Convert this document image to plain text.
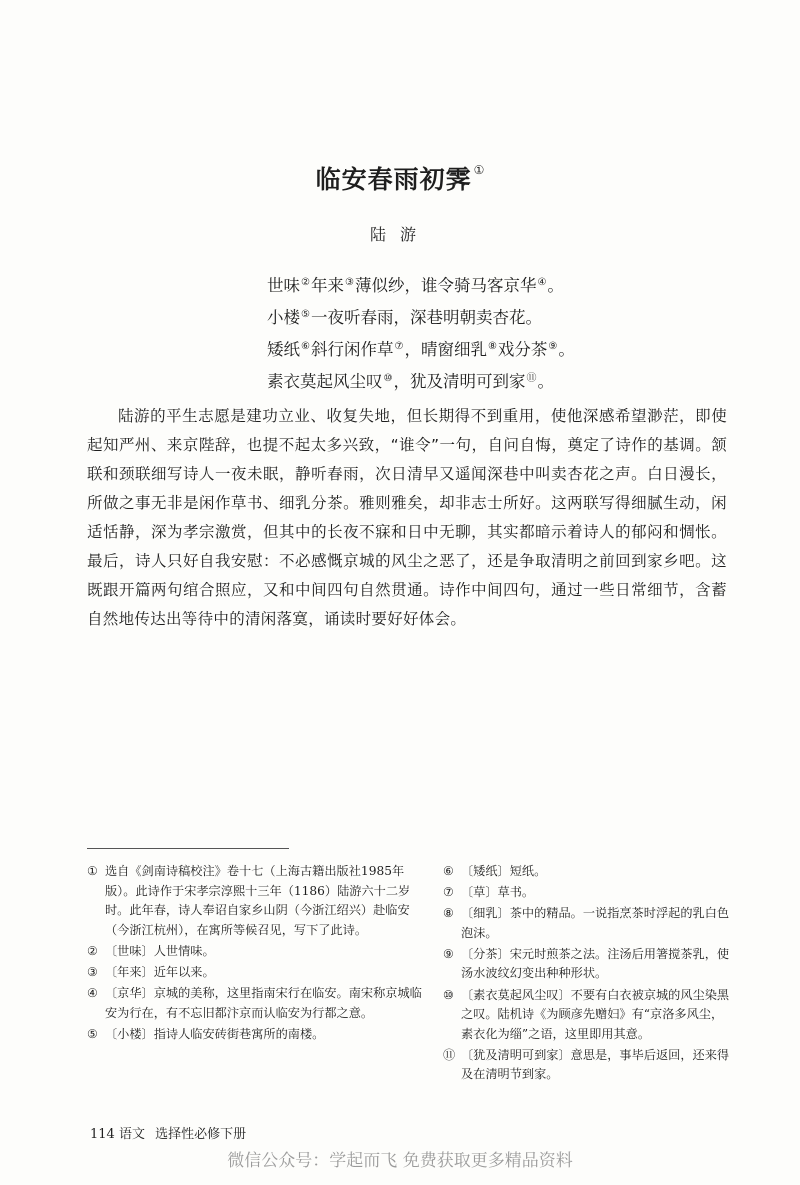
临安春雨初霁 ①
陆游
世味②年来③薄似纱，谁令骑马客京华④。
小楼⑤一夜听春雨，深巷明朝卖杏花。
矮纸⑥斜行闲作草⑦，晴窗细乳⑧戏分茶⑨。
素衣莫起风尘叹⑩，犹及清明可到家⑪。

陆游的平生志愿是建功立业、收复失地，但长期得不到重用，使他深感希望渺茫，即使起知严州、来京陛辞，也提不起太多兴致，“谁令”一句，自问自悔，奠定了诗作的基调。颔联和颈联细写诗人一夜未眠，静听春雨，次日清早又遥闻深巷中叫卖杏花之声。白日漫长，所做之事无非是闲作草书、细乳分茶。雅则雅矣，却非志士所好。这两联写得细腻生动，闲适恬静，深为孝宗激赏，但其中的长夜不寐和日中无聊，其实都暗示着诗人的郁闷和惆怅。最后，诗人只好自我安慰：不必感慨京城的风尘之恶了，还是争取清明之前回到家乡吧。这既跟开篇两句绾合照应，又和中间四句自然贯通。诗作中间四句，通过一些日常细节，含蓄自然地传达出等待中的清闲落寞，诵读时要好好体会。

① 选自《剑南诗稿校注》卷十七（上海古籍出版社1985年版）。此诗作于宋孝宗淳熙十三年（1186）陆游六十二岁时。此年春，诗人奉诏自家乡山阴（今浙江绍兴）赴临安（今浙江杭州），在寓所等候召见，写下了此诗。
② 〔世味〕人世情味。
③ 〔年来〕近年以来。
④ 〔京华〕京城的美称，这里指南宋行在临安。南宋称京城临安为行在，有不忘旧都汴京而认临安为行都之意。
⑤ 〔小楼〕指诗人临安砖街巷寓所的南楼。
⑥ 〔矮纸〕短纸。
⑦ 〔草〕草书。
⑧ 〔细乳〕茶中的精品。一说指烹茶时浮起的乳白色泡沫。
⑨ 〔分茶〕宋元时煎茶之法。注汤后用箸搅茶乳，使汤水波纹幻变出种种形状。
⑩ 〔素衣莫起风尘叹〕不要有白衣被京城的风尘染黑之叹。陆机诗《为顾彦先赠妇》有“京洛多风尘，素衣化为缁”之语，这里即用其意。
⑪ 〔犹及清明可到家〕意思是，事毕后返回，还来得及在清明节到家。
114 语文 选择性必修下册
微信公众号：学起而飞 免费获取更多精品资料
